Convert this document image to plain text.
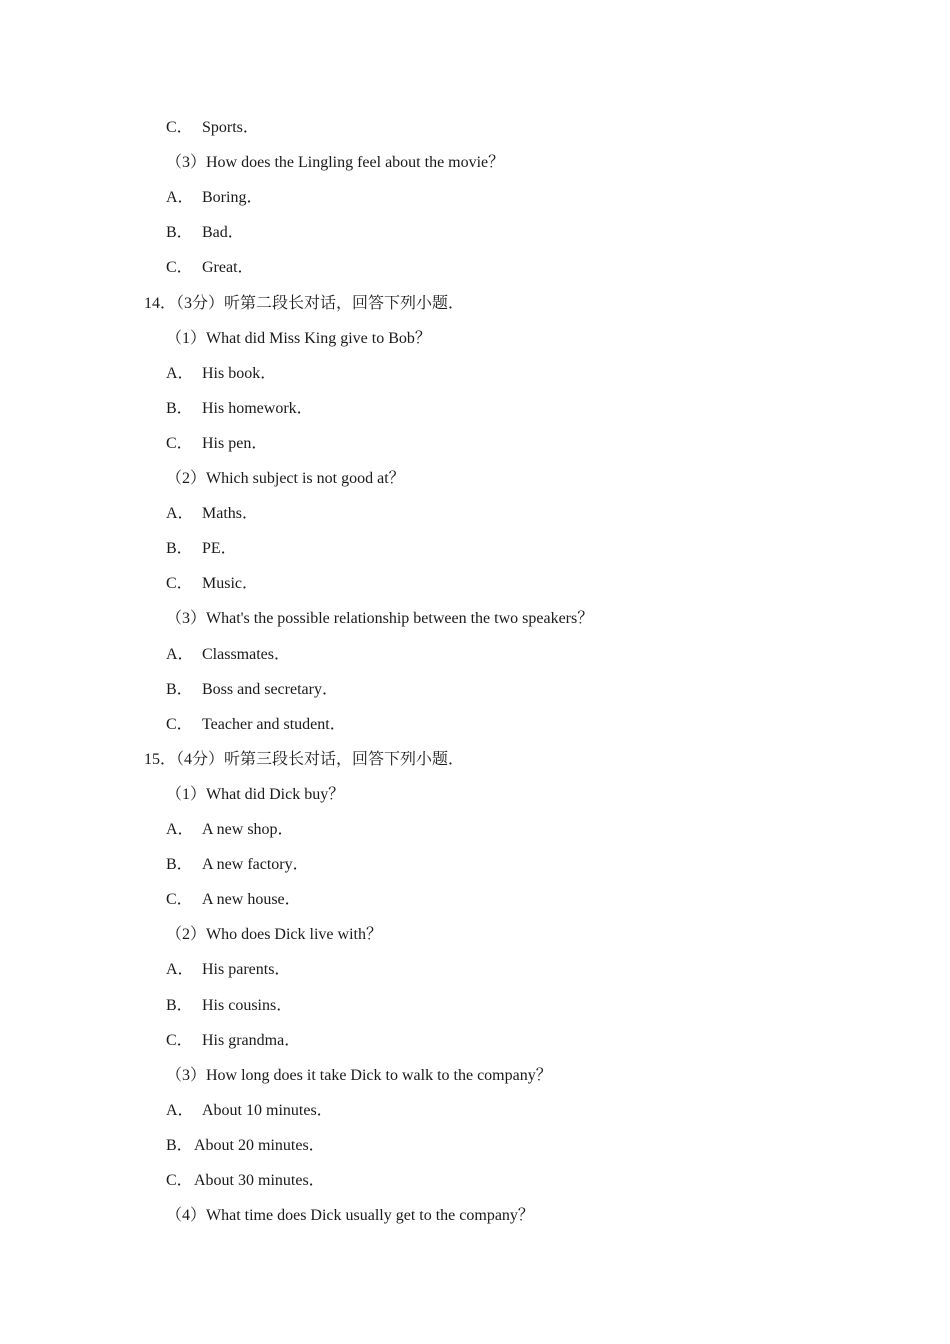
C． Sports．
（3）How does the Lingling feel about the movie？
A． Boring．
B． Bad．
C． Great．
14．（3分）听第二段长对话，回答下列小题．
（1）What did Miss King give to Bob？
A． His book．
B． His homework．
C． His pen．
（2）Which subject is not good at？
A． Maths．
B． PE．
C． Music．
（3）What's the possible relationship between the two speakers？
A． Classmates．
B． Boss and secretary．
C． Teacher and student．
15．（4分）听第三段长对话，回答下列小题．
（1）What did Dick buy？
A． A new shop．
B． A new factory．
C． A new house．
（2）Who does Dick live with？
A． His parents．
B． His cousins．
C． His grandma．
（3）How long does it take Dick to walk to the company？
A． About 10 minutes．
B．About 20 minutes．
C．About 30 minutes．
（4）What time does Dick usually get to the company？
